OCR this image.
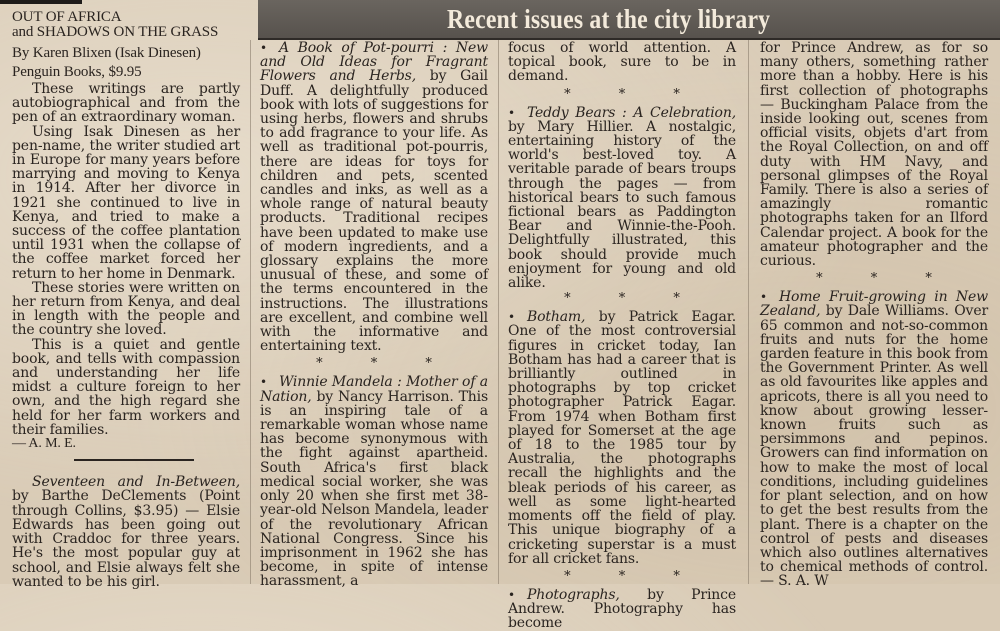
Recent issues at the city library
OUT OF AFRICA
and SHADOWS ON THE GRASS
By Karen Blixen (Isak Dinesen)
Penguin Books, $9.95

These writings are partly autobiographical and from the pen of an extraordinary woman.

Using Isak Dinesen as her pen-name, the writer studied art in Europe for many years before marrying and moving to Kenya in 1914. After her divorce in 1921 she continued to live in Kenya, and tried to make a success of the coffee plantation until 1931 when the collapse of the coffee market forced her return to her home in Denmark.

These stories were written on her return from Kenya, and deal in length with the people and the country she loved.

This is a quiet and gentle book, and tells with compassion and understanding her life midst a culture foreign to her own, and the high regard she held for her farm workers and their families.

— A. M. E.

Seventeen and In-Between, by Barthe DeClements (Point through Collins, $3.95) — Elsie Edwards has been going out with Craddoc for three years. He's the most popular guy at school, and Elsie always felt she wanted to be his girl.

• A Book of Pot-pourri : New and Old Ideas for Fragrant Flowers and Herbs, by Gail Duff. A delightfully produced book with lots of suggestions for using herbs, flowers and shrubs to add fragrance to your life. As well as traditional pot-pourris, there are ideas for toys for children and pets, scented candles and inks, as well as a whole range of natural beauty products. Traditional recipes have been updated to make use of modern ingredients, and a glossary explains the more unusual of these, and some of the terms encountered in the instructions. The illustrations are excellent, and combine well with the informative and entertaining text.

* * *

• Winnie Mandela : Mother of a Nation, by Nancy Harrison. This is an inspiring tale of a remarkable woman whose name has become synonymous with the fight against apartheid. South Africa's first black medical social worker, she was only 20 when she first met 38-year-old Nelson Mandela, leader of the revolutionary African National Congress. Since his imprisonment in 1962 she has become, in spite of intense harassment, a

focus of world attention. A topical book, sure to be in demand.

* * *

• Teddy Bears : A Celebration, by Mary Hillier. A nostalgic, entertaining history of the world's best-loved toy. A veritable parade of bears troups through the pages — from historical bears to such famous fictional bears as Paddington Bear and Winnie-the-Pooh. Delightfully illustrated, this book should provide much enjoyment for young and old alike.

* * *

• Botham, by Patrick Eagar. One of the most controversial figures in cricket today, Ian Botham has had a career that is brilliantly outlined in photographs by top cricket photographer Patrick Eagar. From 1974 when Botham first played for Somerset at the age of 18 to the 1985 tour by Australia, the photographs recall the highlights and the bleak periods of his career, as well as some light-hearted moments off the field of play. This unique biography of a cricketing superstar is a must for all cricket fans.

* * *

• Photographs, by Prince Andrew. Photography has become

for Prince Andrew, as for so many others, something rather more than a hobby. Here is his first collection of photographs — Buckingham Palace from the inside looking out, scenes from official visits, objets d'art from the Royal Collection, on and off duty with HM Navy, and personal glimpses of the Royal Family. There is also a series of amazingly romantic photographs taken for an Ilford Calendar project. A book for the amateur photographer and the curious.

* * *

• Home Fruit-growing in New Zealand, by Dale Williams. Over 65 common and not-so-common fruits and nuts for the home garden feature in this book from the Government Printer. As well as old favourites like apples and apricots, there is all you need to know about growing lesser-known fruits such as persimmons and pepinos. Growers can find information on how to make the most of local conditions, including guidelines for plant selection, and on how to get the best results from the plant. There is a chapter on the control of pests and diseases which also outlines alternatives to chemical methods of control. — S. A. W
